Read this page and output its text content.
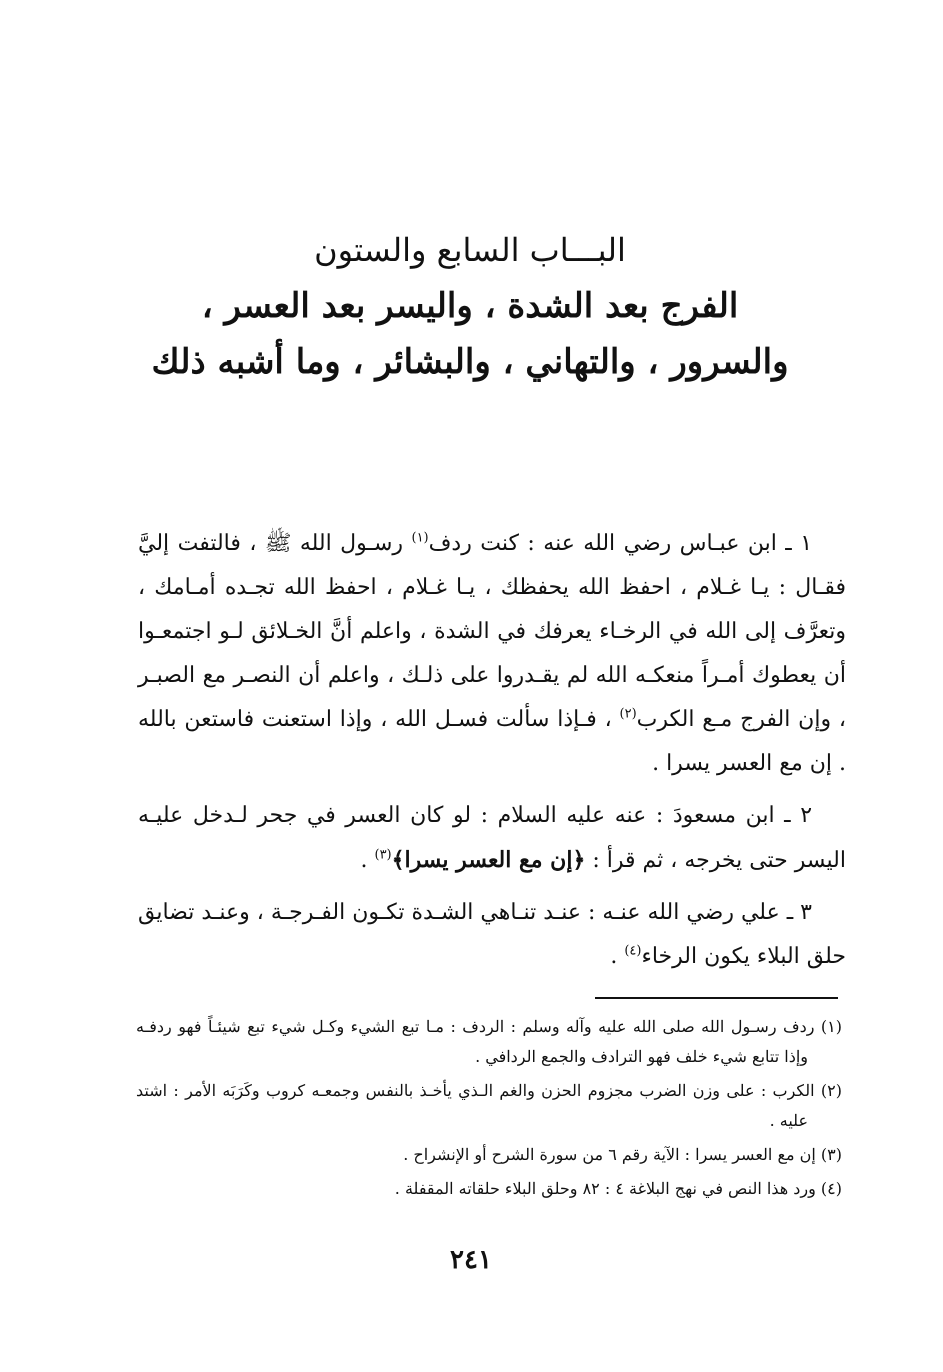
البـــاب السابع والستون

الفرج بعد الشدة ، واليسر بعد العسر ،

والسرور ، والتهاني ، والبشائر ، وما أشبه ذلك

١ ـ ابن عبـاس رضي الله عنه : كنت ردف$^{(١)}$ رسـول الله ﷺ ، فالتفت إليَّ فقـال : يـا غـلام ، احفظ الله يحفظك ، يـا غـلام ، احفظ الله تجـده أمـامك ، وتعرَّف إلى الله في الرخـاء يعرفك في الشدة ، واعلم أنَّ الخـلائق لـو اجتمعـوا أن يعطوك أمـراً منعكـه الله لم يقـدروا على ذلـك ، واعلم أن النصـر مع الصبـر ، وإن الفرج مـع الكرب$^{(٢)}$ ، فـإذا سألت فسـل الله ، وإذا استعنت فاستعن بالله . إن مع العسر يسرا .

٢ ـ ابن مسعودَ : عنه عليه السلام : لو كان العسر في جحر لـدخل عليـه اليسر حتى يخرجه ، ثم قرأ : ﴿إن مع العسر يسرا﴾$^{(٣)}$ .

٣ ـ علي رضي الله عنـه : عنـد تنـاهي الشـدة تكـون الفـرجـة ، وعنـد تضايق حلق البلاء يكون الرخاء$^{(٤)}$ .

(١) ردف رسـول الله صلى الله عليه وآله وسلم : الردف : مـا تبع الشيء وكـل شيء تبع شيئـاً فهو ردفـه وإذا تتابع شيء خلف فهو الترادف والجمع الردافي .

(٢) الكرب : على وزن الضرب مجزوم الحزن والغم الـذي يأخـذ بالنفس وجمعـه كروب وكَرَبَه الأمر : اشتد عليه .

(٣) إن مع العسر يسرا : الآية رقم ٦ من سورة الشرح أو الإنشراح .

(٤) ورد هذا النص في نهج البلاغة ٤ : ٨٢ وحلق البلاء حلقاته المقفلة .

٢٤١
